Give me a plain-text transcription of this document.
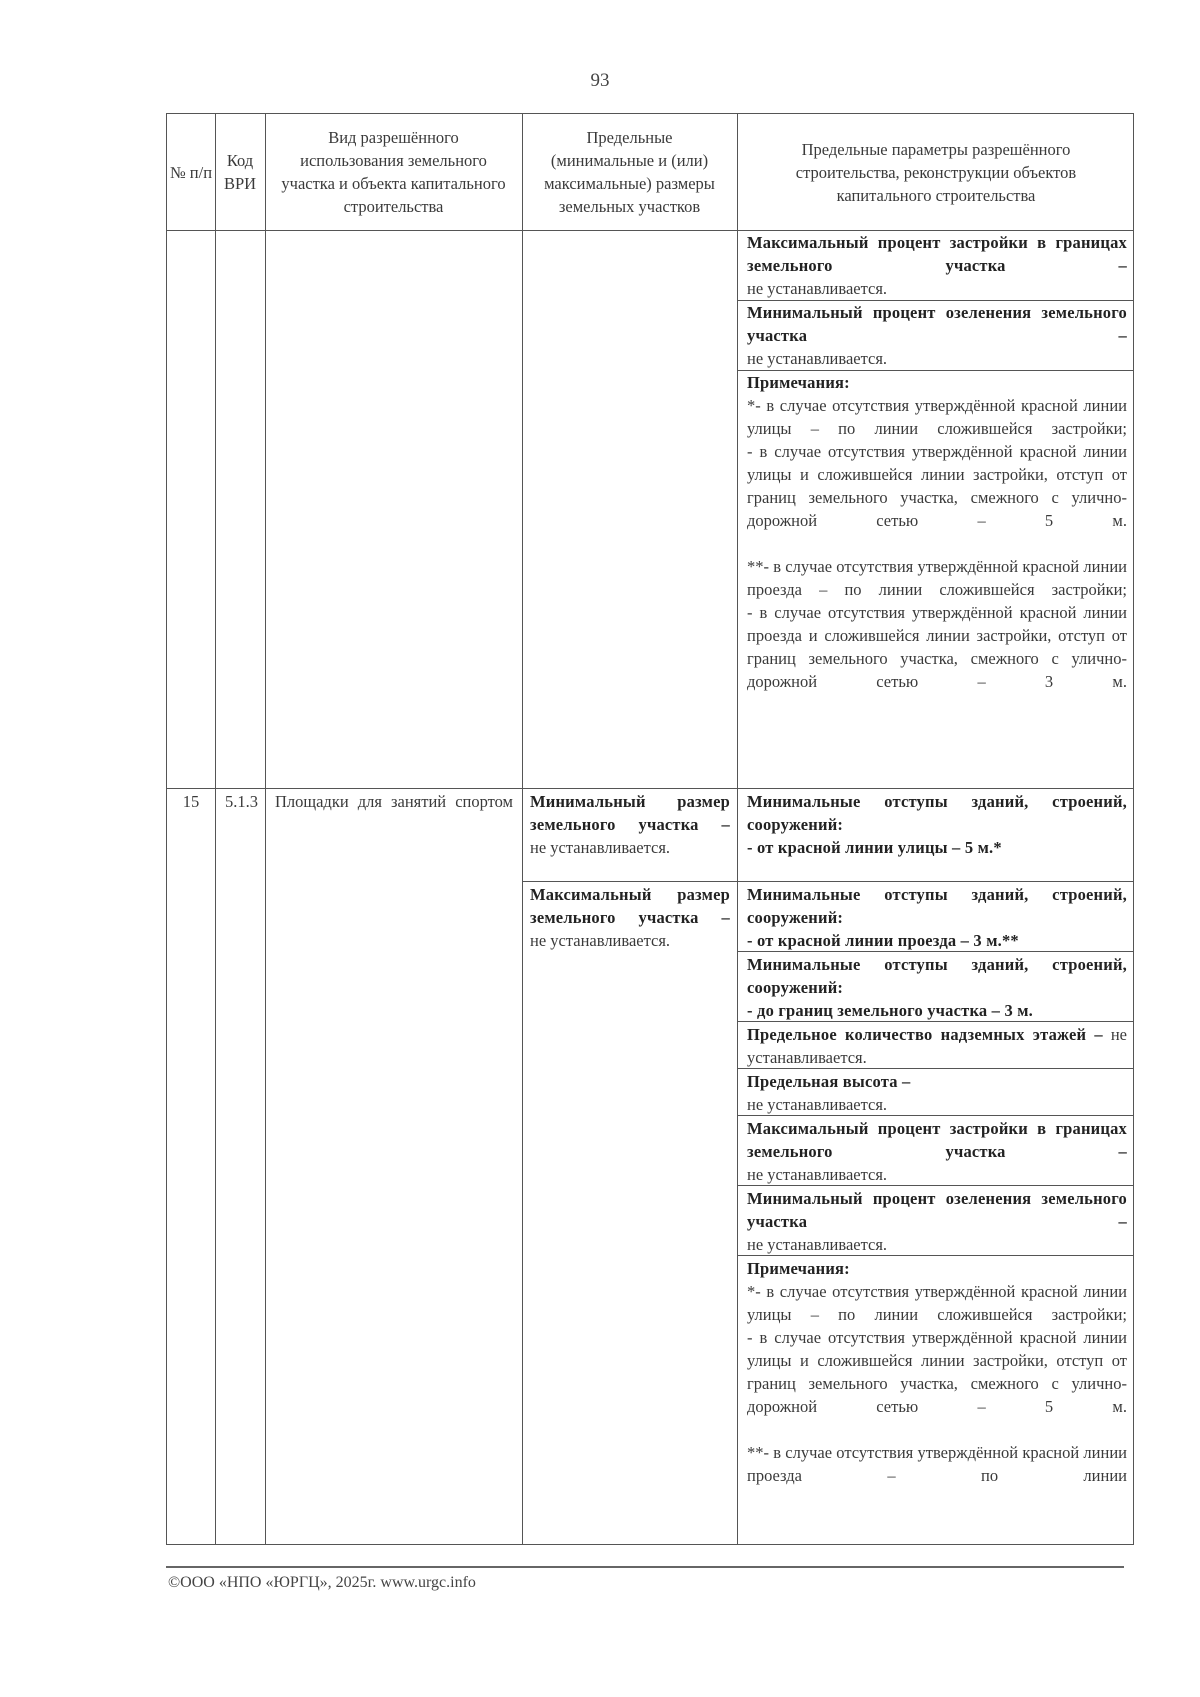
93
№ п/п
Код ВРИ
Вид разрешённого использования земельного участка и объекта капитального строительства
Предельные (минимальные и (или) максимальные) размеры земельных участков
Предельные параметры разрешённого строительства, реконструкции объектов капитального строительства
Максимальный процент застройки в границах земельного участка –
не устанавливается.
Минимальный процент озеленения земельного участка –
не устанавливается.
Примечания:

*- в случае отсутствия утверждённой красной линии улицы – по линии сложившейся застройки;

- в случае отсутствия утверждённой красной линии улицы и сложившейся линии застройки, отступ от границ земельного участка, смежного с улично-дорожной сетью – 5 м.

**- в случае отсутствия утверждённой красной линии проезда – по линии сложившейся застройки;

- в случае отсутствия утверждённой красной линии проезда и сложившейся линии застройки, отступ от границ земельного участка, смежного с улично-дорожной сетью – 3 м.

15	5.1.3	Площадки для занятий спортом Минимальный размер земельного участка –
не устанавливается.
Максимальный размер земельного участка –
не устанавливается.
Минимальные отступы зданий, строений, сооружений:
- от красной линии улицы – 5 м.*
Минимальные отступы зданий, строений, сооружений:
- от красной линии проезда – 3 м.**
Минимальные отступы зданий, строений, сооружений:
- до границ земельного участка – 3 м.
Предельное количество надземных этажей – не устанавливается.
Предельная высота –
не устанавливается.
Максимальный процент застройки в границах земельного участка –
не устанавливается.
Минимальный процент озеленения земельного участка –
не устанавливается.
Примечания:

*- в случае отсутствия утверждённой красной линии улицы – по линии сложившейся застройки;

- в случае отсутствия утверждённой красной линии улицы и сложившейся линии застройки, отступ от границ земельного участка, смежного с улично-дорожной сетью – 5 м.

**- в случае отсутствия утверждённой красной линии проезда – по линии

©ООО «НПО «ЮРГЦ», 2025г. www.urgc.info
